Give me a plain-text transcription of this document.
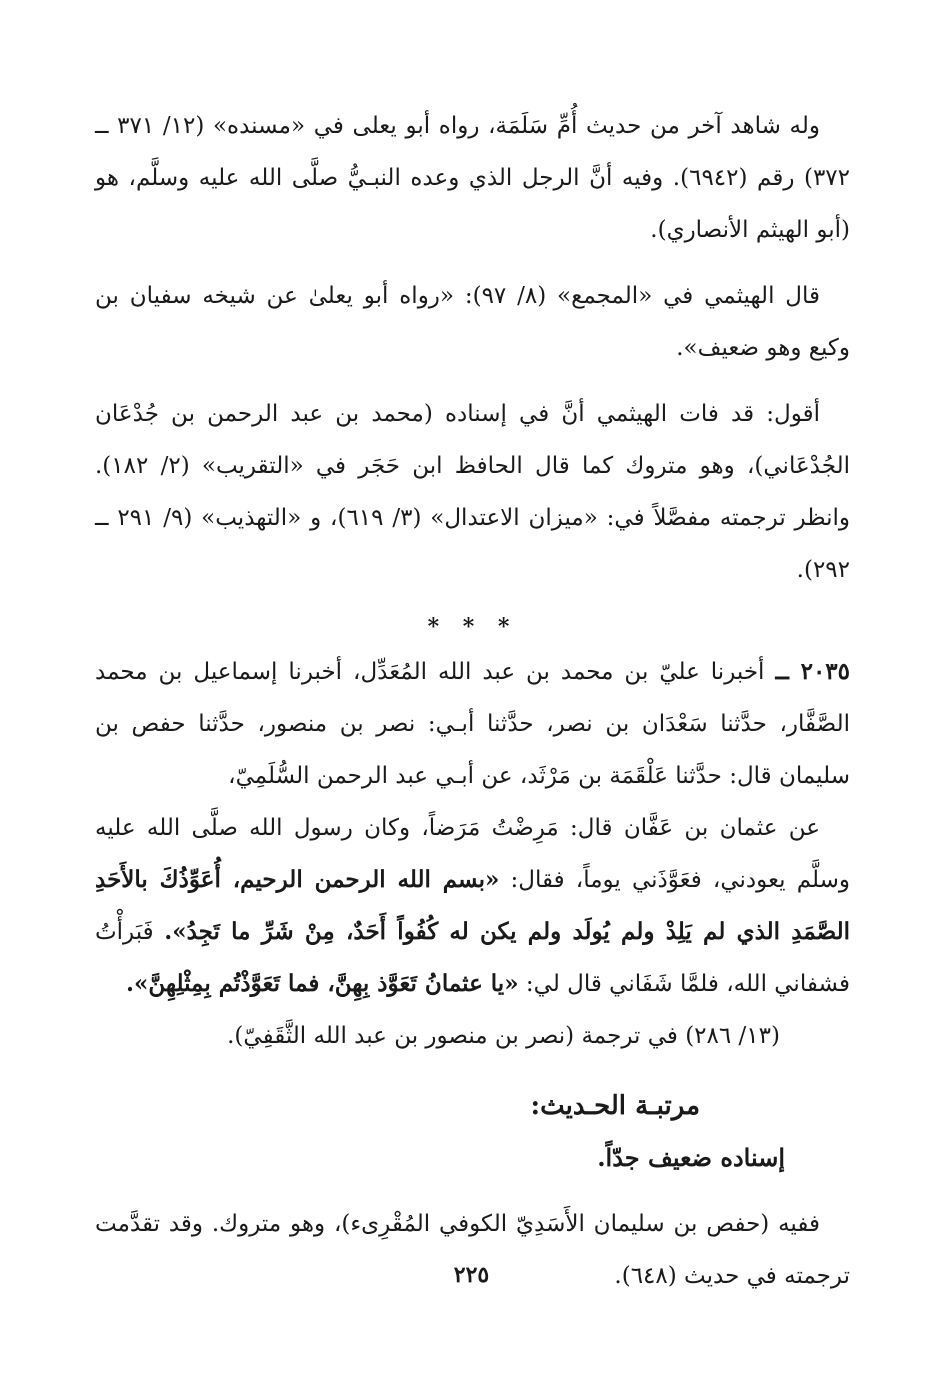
وله شاهد آخر من حديث أُمِّ سَلَمَة، رواه أبو يعلى في «مسنده» (١٢/ ٣٧١ ــ ٣٧٢) رقم (٦٩٤٢). وفيه أنَّ الرجل الذي وعده النبـيُّ صلَّى الله عليه وسلَّم، هو (أبو الهيثم الأنصاري).

قال الهيثمي في «المجمع» (٨/ ٩٧): «رواه أبو يعلىٰ عن شيخه سفيان بن وكيع وهو ضعيف».

أقول: قد فات الهيثمي أنَّ في إسناده (محمد بن عبد الرحمن بن جُدْعَان الجُدْعَاني)، وهو متروك كما قال الحافظ ابن حَجَر في «التقريب» (٢/ ١٨٢). وانظر ترجمته مفصَّلاً في: «ميزان الاعتدال» (٣/ ٦١٩)، و «التهذيب» (٩/ ٢٩١ ــ ٢٩٢).

* * *

٢٠٣٥ ــ أخبرنا عليّ بن محمد بن عبد الله المُعَدِّل، أخبرنا إسماعيل بن محمد الصَّفَّار، حدَّثنا سَعْدَان بن نصر، حدَّثنا أبـي: نصر بن منصور، حدَّثنا حفص بن سليمان قال: حدَّثنا عَلْقَمَة بن مَرْثَد، عن أبـي عبد الرحمن السُّلَمِيّ،

عن عثمان بن عَفَّان قال: مَرِضْتُ مَرَضاً، وكان رسول الله صلَّى الله عليه وسلَّم يعودني، فعَوَّذَني يوماً، فقال: «بسم الله الرحمن الرحيم، أُعَوِّذُكَ بالأَحَدِ الصَّمَدِ الذي لم يَلِدْ ولم يُولَد ولم يكن له كُفُواً أَحَدٌ، مِنْ شَرِّ ما تَجِدُ». فَبَرأْتُ فشفاني الله، فلمَّا شَفَاني قال لي: «يا عثمانُ تَعَوَّذ بِهِنَّ، فما تَعَوَّذْتُم بِمِثْلِهِنَّ».

(١٣/ ٢٨٦) في ترجمة (نصر بن منصور بن عبد الله الثَّقَفِيّ).

مرتبـة الحـديث:
إسناده ضعيف جدّاً.

ففيه (حفص بن سليمان الأَسَدِيّ الكوفي المُقْرِىء)، وهو متروك. وقد تقدَّمت ترجمته في حديث (٦٤٨).

٢٢٥
